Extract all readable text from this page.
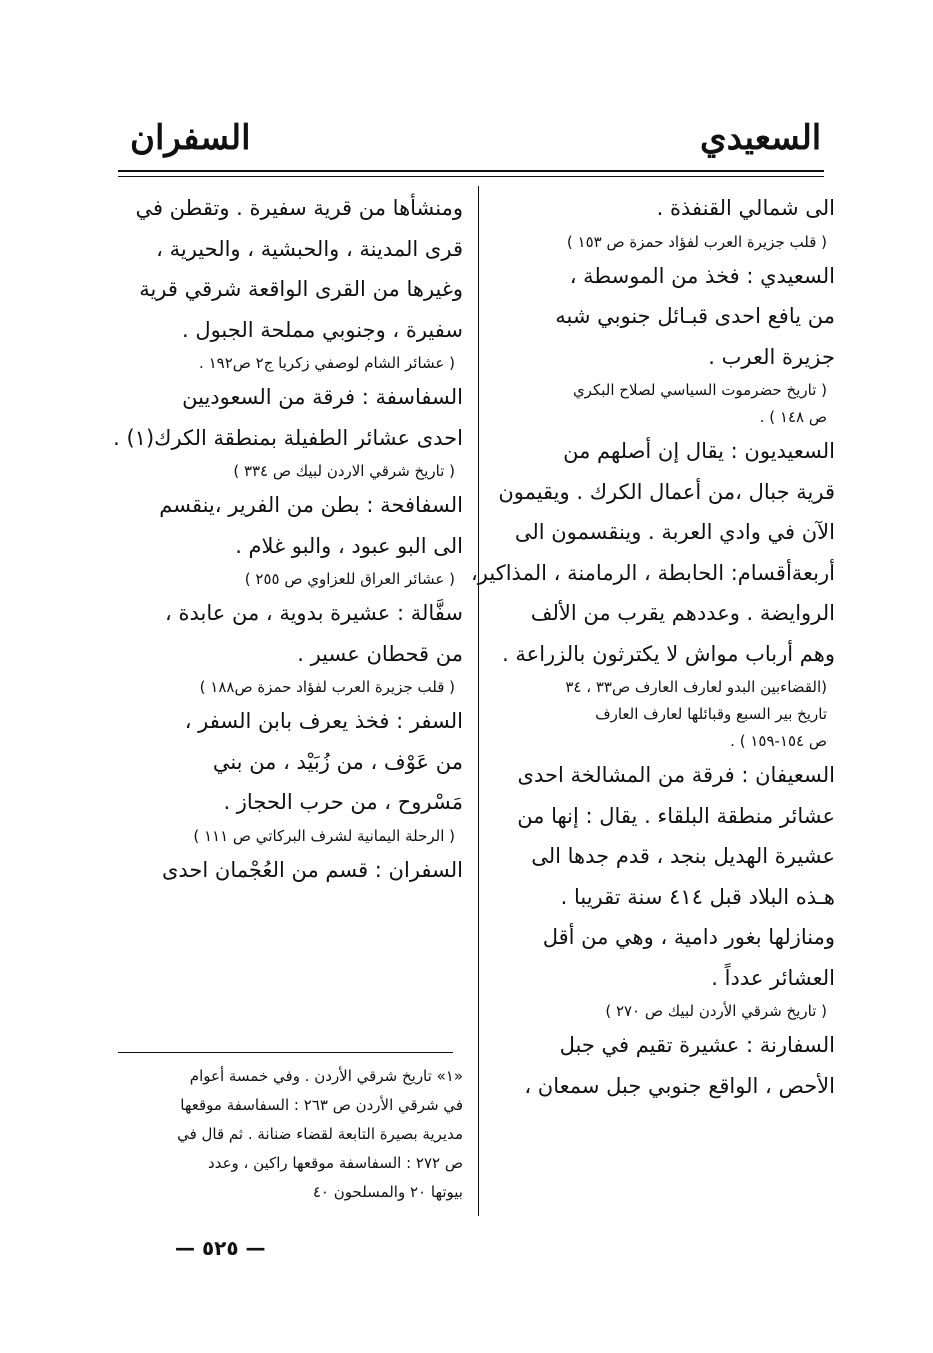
السعيدي
السفران
الى شمالي القنفذة .
( قلب جزيرة العرب لفؤاد حمزة ص ١٥٣ )
السعيدي : فخذ من الموسطة ،
من يافع احدى قبـائل جنوبي شبه
جزيرة العرب .
( تاريخ حضرموت السياسي لصلاح البكري
ص ١٤٨ ) .
السعيديون : يقال إن أصلهم من
قرية جبال ،من أعمال الكرك . ويقيمون
الآن في وادي العربة . وينقسمون الى
أربعةأقسام: الحابطة ، الرمامنة ، المذاكير،
الروايضة . وعددهم يقرب من الألف
وهم أرباب مواش لا يكترثون بالزراعة .
(القضاءبين البدو لعارف العارف ص٣٣ ، ٣٤
تاريخ بير السبع وقبائلها لعارف العارف
ص ١٥٤-١٥٩ ) .
السعيفان : فرقة من المشالخة احدى
عشائر منطقة البلقاء . يقال : إنها من
عشيرة الهديل بنجد ، قدم جدها الى
هـذه البلاد قبل ٤١٤ سنة تقريبا .
ومنازلها بغور دامية ، وهي من أقل
العشائر عدداً .
( تاريخ شرقي الأردن لبيك ص ٢٧٠ )
السفارنة : عشيرة تقيم في جبل
الأحص ، الواقع جنوبي جبل سمعان ،
ومنشأها من قرية سفيرة . وتقطن في
قرى المدينة ، والحبشية ، والحيرية ،
وغيرها من القرى الواقعة شرقي قرية
سفيرة ، وجنوبي مملحة الجبول .
( عشائر الشام لوصفي زكريا ج٢ ص١٩٢ .
السفاسفة : فرقة من السعوديين
احدى عشائر الطفيلة بمنطقة الكرك(١) .
( تاريخ شرقي الاردن لبيك ص ٣٣٤ )
السفافحة : بطن من الفرير ،ينقسم
الى البو عبود ، والبو غلام .
( عشائر العراق للعزاوي ص ٢٥٥ )
سفَّالة : عشيرة بدوية ، من عابدة ،
من قحطان عسير .
( قلب جزيرة العرب لفؤاد حمزة ص١٨٨ )
السفر : فخذ يعرف بابن السفر ،
من عَوْف ، من زُبَيْد ، من بني
مَسْروح ، من حرب الحجاز .
( الرحلة اليمانية لشرف البركاتي ص ١١١ )
السفران : قسم من العُجْمان احدى
«١» تاريخ شرقي الأردن . وفي خمسة أعوام
في شرقي الأردن ص ٢٦٣ : السفاسفة موقعها
مديرية بصيرة التابعة لقضاء ضنانة . ثم قال في
ص ٢٧٢ : السفاسفة موقعها راكين ، وعدد
بيوتها ٢٠ والمسلحون ٤٠
— ٥٢٥ —
